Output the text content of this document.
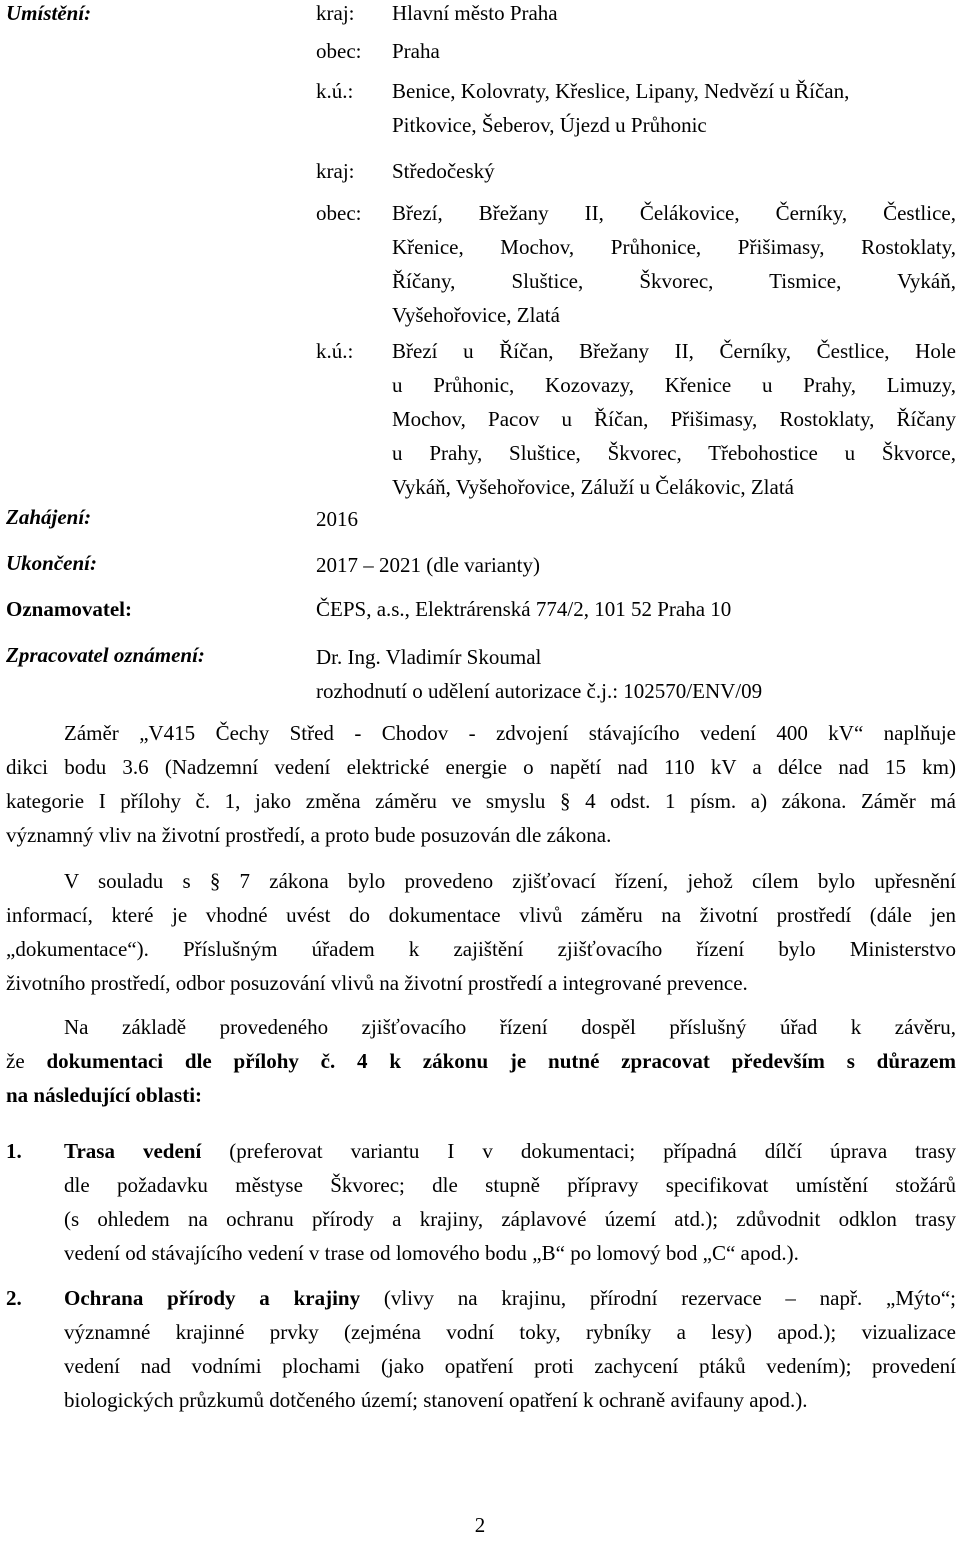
Umístění:	kraj: Hlavní město Praha
obec: Praha
k.ú.: Benice, Kolovraty, Křeslice, Lipany, Nedvězí u Říčan,
Pitkovice, Šeberov, Újezd u Průhonic
kraj: Středočeský
obec: Březí, Břežany II, Čelákovice, Černíky, Čestlice,
Křenice, Mochov, Průhonice, Přišimasy, Rostoklaty,
Říčany, Sluštice, Škvorec, Tismice, Vykáň,
Vyšehořovice, Zlatá
k.ú.: Březí u Říčan, Břežany II, Černíky, Čestlice, Hole
u Průhonic, Kozovazy, Křenice u Prahy, Limuzy,
Mochov, Pacov u Říčan, Přišimasy, Rostoklaty, Říčany
u Prahy, Sluštice, Škvorec, Třebohostice u Škvorce,
Vykáň, Vyšehořovice, Záluží u Čelákovic, Zlatá
Zahájení:	2016
Ukončení:	2017 – 2021 (dle varianty)
Oznamovatel:	ČEPS, a.s., Elektrárenská 774/2, 101 52 Praha 10
Zpracovatel oznámení:	Dr. Ing. Vladimír Skoumal
rozhodnutí o udělení autorizace č.j.: 102570/ENV/09
Záměr „V415 Čechy Střed - Chodov - zdvojení stávajícího vedení 400 kV“ naplňuje
dikci bodu 3.6 (Nadzemní vedení elektrické energie o napětí nad 110 kV a délce nad 15 km)
kategorie I přílohy č. 1, jako změna záměru ve smyslu § 4 odst. 1 písm. a) zákona. Záměr má
významný vliv na životní prostředí, a proto bude posuzován dle zákona.
V souladu s § 7 zákona bylo provedeno zjišťovací řízení, jehož cílem bylo upřesnění
informací, které je vhodné uvést do dokumentace vlivů záměru na životní prostředí (dále jen
„dokumentace“). Příslušným úřadem k zajištění zjišťovacího řízení bylo Ministerstvo
životního prostředí, odbor posuzování vlivů na životní prostředí a integrované prevence.
Na základě provedeného zjišťovacího řízení dospěl příslušný úřad k závěru,
že dokumentaci dle přílohy č. 4 k zákonu je nutné zpracovat především s důrazem
na následující oblasti:
1. Trasa vedení (preferovat variantu I v dokumentaci; případná dílčí úprava trasy
dle požadavku městyse Škvorec; dle stupně přípravy specifikovat umístění stožárů
(s ohledem na ochranu přírody a krajiny, záplavové území atd.); zdůvodnit odklon trasy
vedení od stávajícího vedení v trase od lomového bodu „B“ po lomový bod „C“ apod.).
2. Ochrana přírody a krajiny (vlivy na krajinu, přírodní rezervace – např. „Mýto“;
významné krajinné prvky (zejména vodní toky, rybníky a lesy) apod.); vizualizace
vedení nad vodními plochami (jako opatření proti zachycení ptáků vedením); provedení
biologických průzkumů dotčeného území; stanovení opatření k ochraně avifauny apod.).
2
